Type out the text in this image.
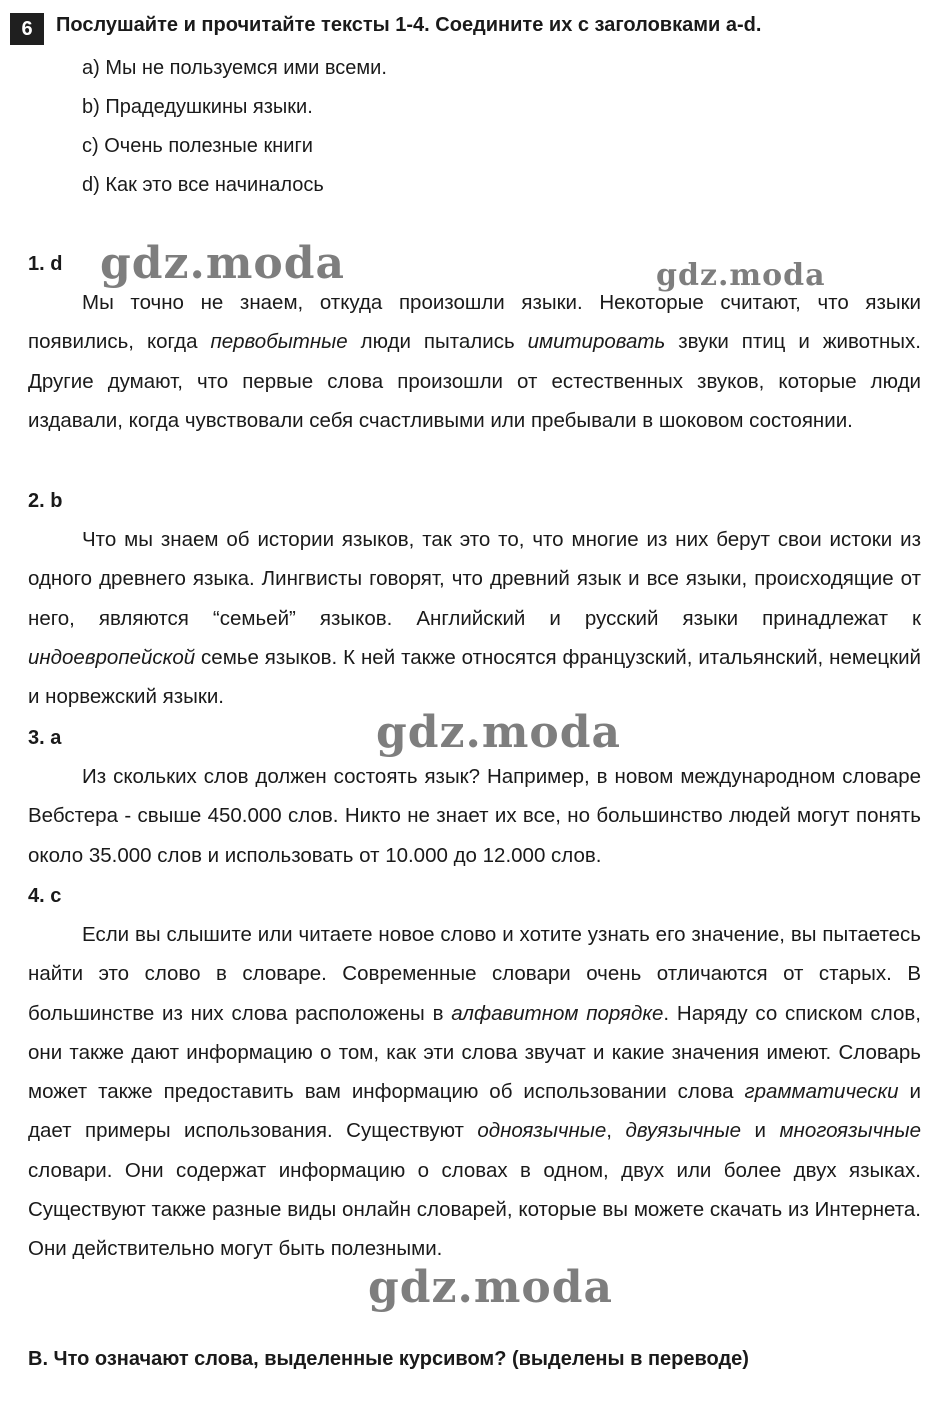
6	Послушайте и прочитайте тексты 1-4. Соедините их с заголовками a-d.
a) Мы не пользуемся ими всеми.
b) Прадедушкины языки.
c) Очень полезные книги
d) Как это все начиналось
1. d

Мы точно не знаем, откуда произошли языки. Некоторые считают, что языки появились, когда первобытные люди пытались имитировать звуки птиц и животных. Другие думают, что первые слова произошли от естественных звуков, которые люди издавали, когда чувствовали себя счастливыми или пребывали в шоковом состоянии.

2. b

Что мы знаем об истории языков, так это то, что многие из них берут свои истоки из одного древнего языка. Лингвисты говорят, что древний язык и все языки, происходящие от него, являются “семьей” языков. Английский и русский языки принадлежат к индоевропейской семье языков. К ней также относятся французский, итальянский, немецкий и норвежский языки.

3. a

Из скольких слов должен состоять язык? Например, в новом международном словаре Вебстера - свыше 450.000 слов. Никто не знает их все, но большинство людей могут понять около 35.000 слов и использовать от 10.000 до 12.000 слов.

4. c

Если вы слышите или читаете новое слово и хотите узнать его значение, вы пытаетесь найти это слово в словаре. Современные словари очень отличаются от старых. В большинстве из них слова расположены в алфавитном порядке. Наряду со списком слов, они также дают информацию о том, как эти слова звучат и какие значения имеют. Словарь может также предоставить вам информацию об использовании слова грамматически и дает примеры использования. Существуют одноязычные, двуязычные и многоязычные словари. Они содержат информацию о словах в одном, двух или более двух языках. Существуют также разные виды онлайн словарей, которые вы можете скачать из Интернета. Они действительно могут быть полезными.

B. Что означают слова, выделенные курсивом? (выделены в переводе)
gdz.moda	gdz.moda
gdz.moda
gdz.moda
